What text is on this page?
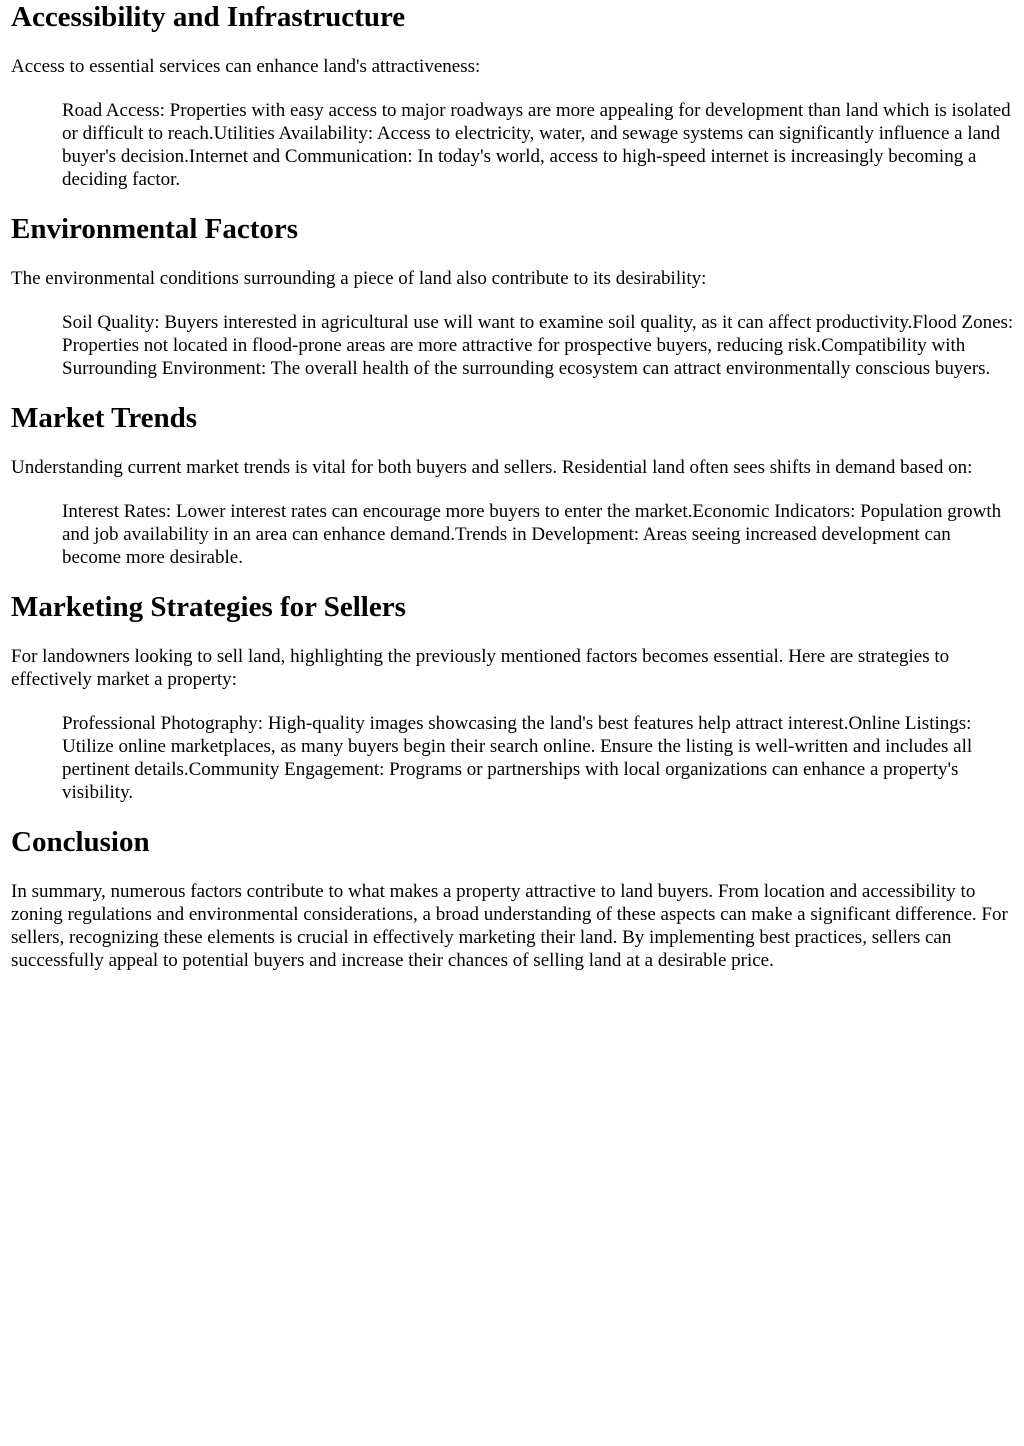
Accessibility and Infrastructure

Access to essential services can enhance land's attractiveness:

Road Access: Properties with easy access to major roadways are more appealing for development than land which is isolated or difficult to reach.Utilities Availability: Access to electricity, water, and sewage systems can significantly influence a land buyer's decision.Internet and Communication: In today's world, access to high-speed internet is increasingly becoming a deciding factor.
Environmental Factors

The environmental conditions surrounding a piece of land also contribute to its desirability:

Soil Quality: Buyers interested in agricultural use will want to examine soil quality, as it can affect productivity.Flood Zones: Properties not located in flood-prone areas are more attractive for prospective buyers, reducing risk.Compatibility with Surrounding Environment: The overall health of the surrounding ecosystem can attract environmentally conscious buyers.
Market Trends

Understanding current market trends is vital for both buyers and sellers. Residential land often sees shifts in demand based on:

Interest Rates: Lower interest rates can encourage more buyers to enter the market.Economic Indicators: Population growth and job availability in an area can enhance demand.Trends in Development: Areas seeing increased development can become more desirable.
Marketing Strategies for Sellers

For landowners looking to sell land, highlighting the previously mentioned factors becomes essential. Here are strategies to effectively market a property:

Professional Photography: High-quality images showcasing the land's best features help attract interest.Online Listings: Utilize online marketplaces, as many buyers begin their search online. Ensure the listing is well-written and includes all pertinent details.Community Engagement: Programs or partnerships with local organizations can enhance a property's visibility.
Conclusion

In summary, numerous factors contribute to what makes a property attractive to land buyers. From location and accessibility to zoning regulations and environmental considerations, a broad understanding of these aspects can make a significant difference. For sellers, recognizing these elements is crucial in effectively marketing their land. By implementing best practices, sellers can successfully appeal to potential buyers and increase their chances of selling land at a desirable price.
